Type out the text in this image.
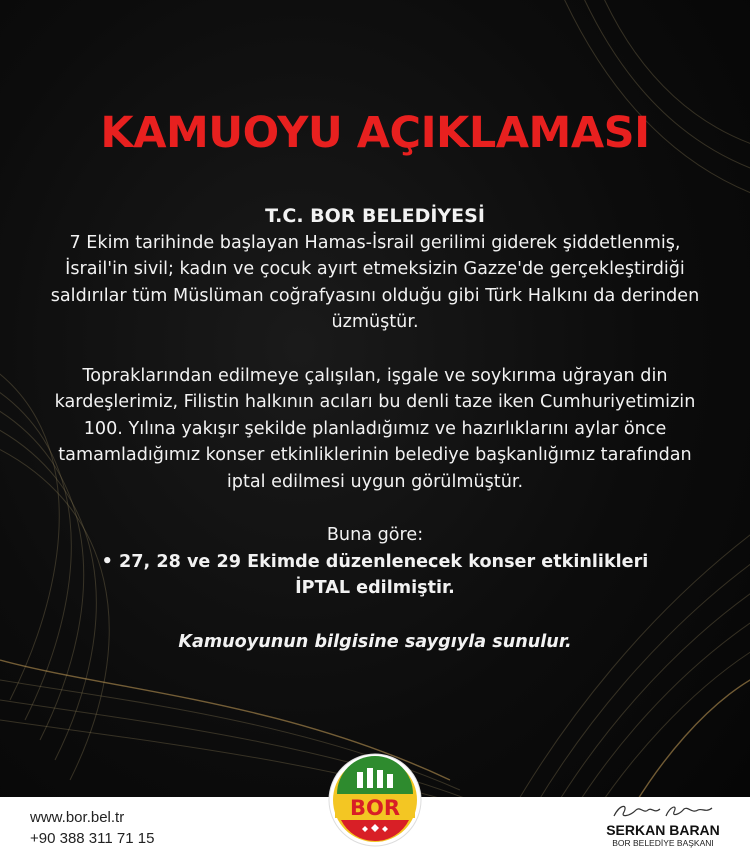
KAMUOYU AÇIKLAMASI

T.C. BOR BELEDİYESİ

7 Ekim tarihinde başlayan Hamas-İsrail gerilimi giderek şiddetlenmiş, İsrail'in sivil; kadın ve çocuk ayırt etmeksizin Gazze'de gerçekleştirdiği saldırılar tüm Müslüman coğrafyasını olduğu gibi Türk Halkını da derinden üzmüştür.

Topraklarından edilmeye çalışılan, işgale ve soykırıma uğrayan din kardeşlerimiz, Filistin halkının acıları bu denli taze iken Cumhuriyetimizin 100. Yılına yakışır şekilde planladığımız ve hazırlıklarını aylar önce tamamladığımız konser etkinliklerinin belediye başkanlığımız tarafından iptal edilmesi uygun görülmüştür.

Buna göre:

• 27, 28 ve 29 Ekimde düzenlenecek konser etkinlikleri

İPTAL edilmiştir.

Kamuoyunun bilgisine saygıyla sunulur.

www.bor.bel.tr
+90 388 311 71 15
BOR
SERKAN BARAN
BOR BELEDİYE BAŞKANI
